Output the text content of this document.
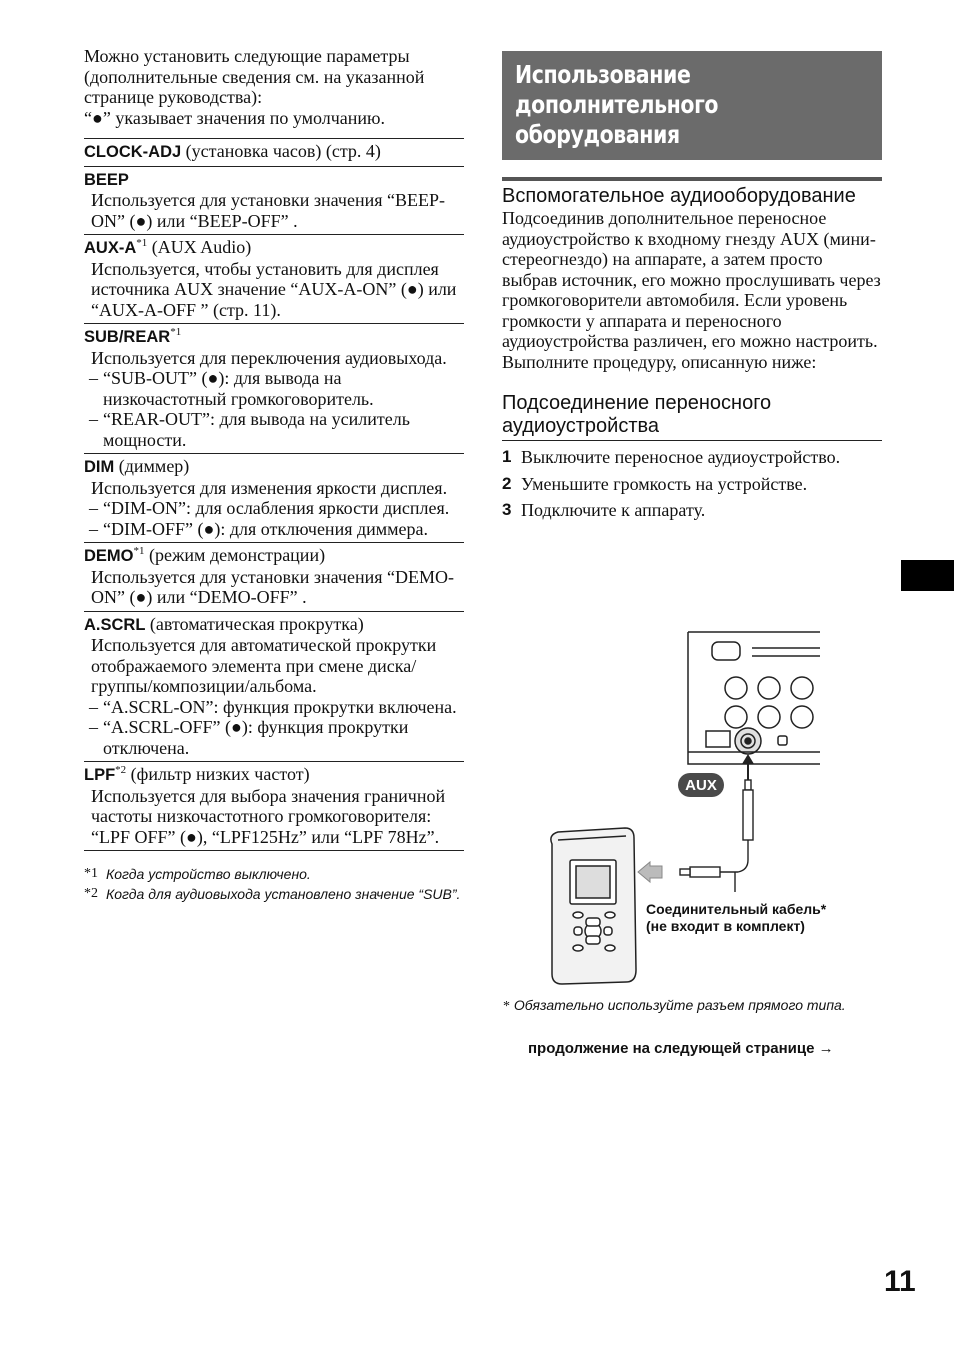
Можно установить следующие параметры (дополнительные сведения см. на указанной странице руководства):
“●” указывает значения по умолчанию.
CLOCK-ADJ (установка часов) (стр. 4)
BEEP
Используется для установки значения “BEEP-ON” (●) или “BEEP-OFF” .
AUX-$A^{*1}$ (AUX Audio)
Используется, чтобы установить для дисплея источника AUX значение “AUX-A-ON” (●) или “AUX-A-OFF ” (стр. 11).
SUB/REAR$^{*1}$
Используется для переключения аудиовыхода.
– “SUB-OUT” (●): для вывода на низкочастотный громкоговоритель.
– “REAR-OUT”: для вывода на усилитель мощности.
DIM (диммер)
Используется для изменения яркости дисплея.
– “DIM-ON”: для ослабления яркости дисплея.
– “DIM-OFF” (●): для отключения диммера.
DEMO$^{*1}$ (режим демонстрации)
Используется для установки значения “DEMO-ON” (●) или “DEMO-OFF” .
A.SCRL (автоматическая прокрутка)
Используется для автоматической прокрутки отображаемого элемента при смене диска/группы/композиции/альбома.
– “A.SCRL-ON”: функция прокрутки включена.
– “A.SCRL-OFF” (●): функция прокрутки отключена.
LPF$^{*2}$ (фильтр низких частот)
Используется для выбора значения граничной частоты низкочастотного громкоговорителя: “LPF OFF” (●), “LPF125Hz” или “LPF 78Hz”.
*1 Когда устройство выключено.
*2 Когда для аудиовыхода установлено значение “SUB”.
Использование
дополнительного
оборудования
Вспомогательное аудиооборудование
Подсоединив дополнительное переносное аудиоустройство к входному гнезду AUX (мини-стереогнездо) на аппарате, а затем просто выбрав источник, его можно прослушивать через громкоговорители автомобиля. Если уровень громкости у аппарата и переносного аудиоустройства различен, его можно настроить. Выполните процедуру, описанную ниже:
Подсоединение переносного аудиоустройства
1 Выключите переносное аудиоустройство.
2 Уменьшите громкость на устройстве.
3 Подключите к аппарату.
AUX
Соединительный кабель*
(не входит в комплект)
* Обязательно используйте разъем прямого типа.
продолжение на следующей странице →
11
